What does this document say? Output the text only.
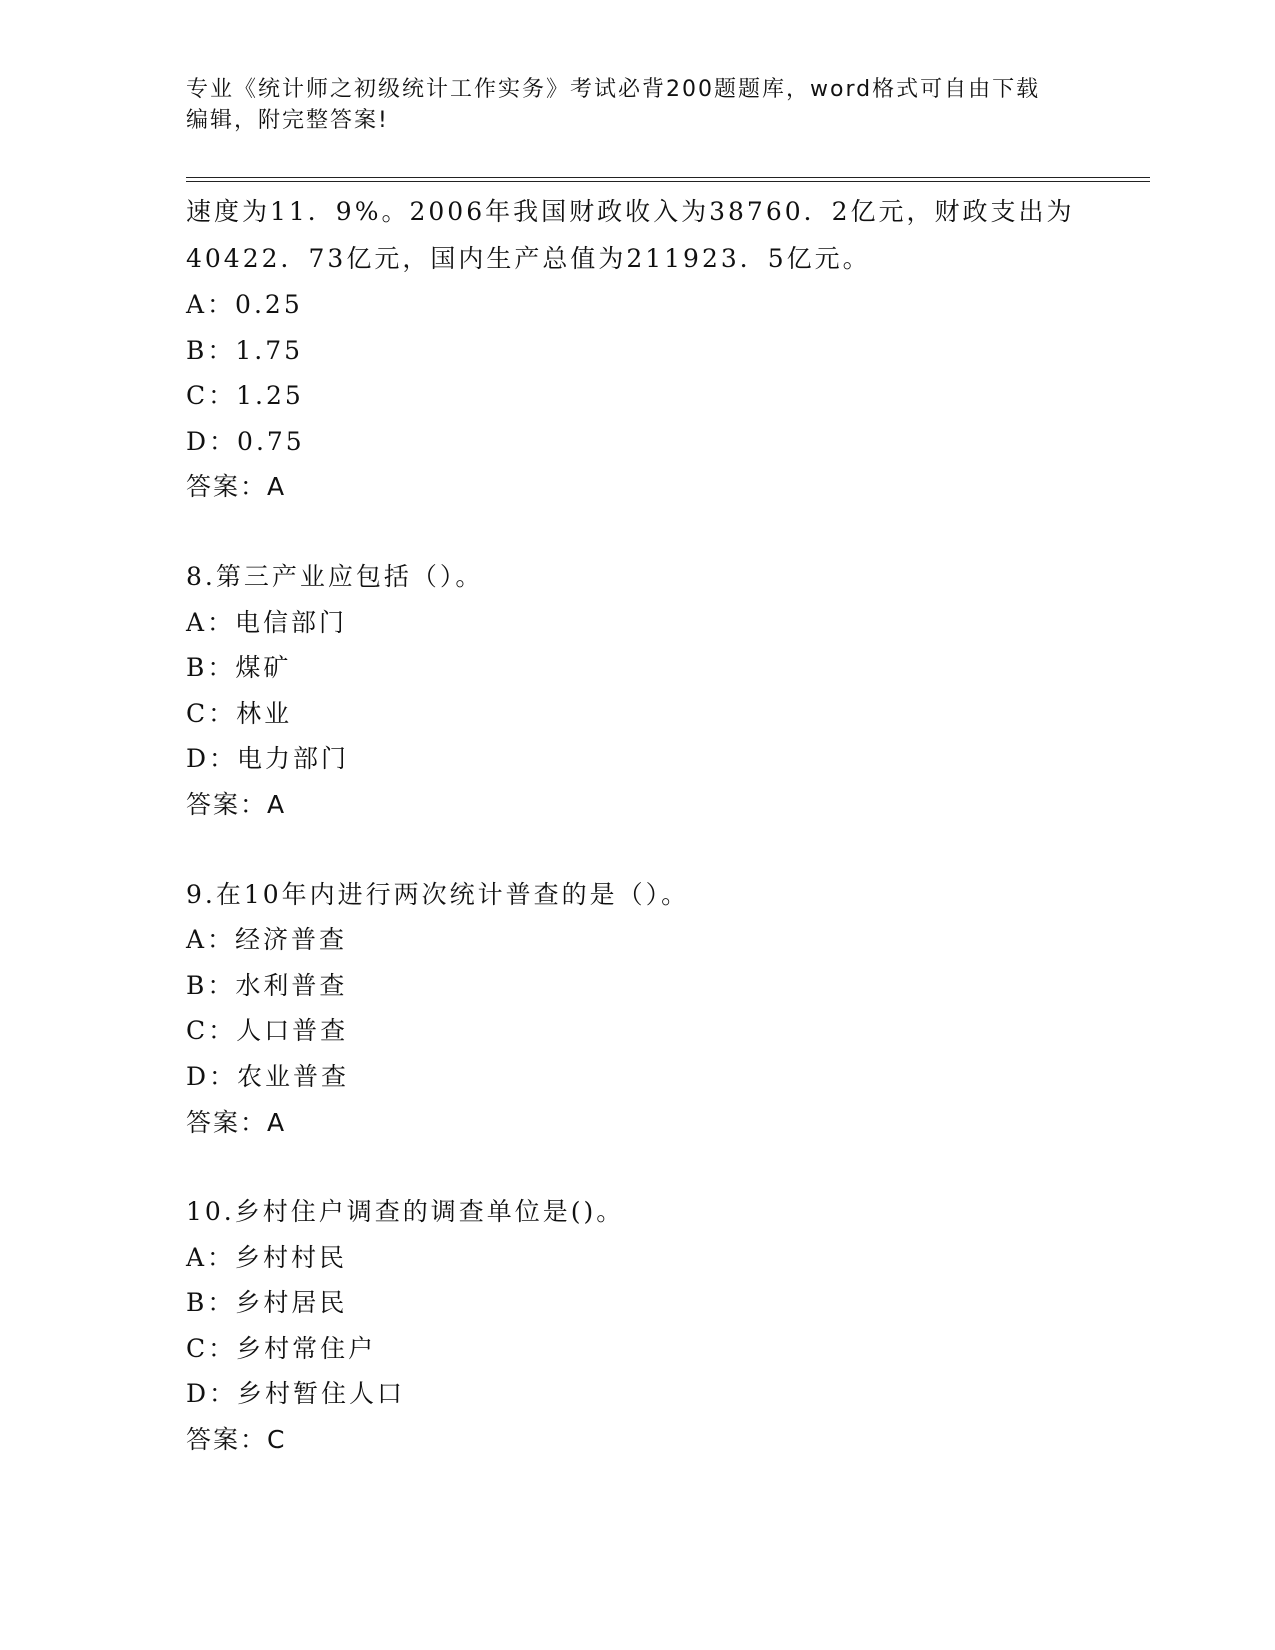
专业《统计师之初级统计工作实务》考试必背200题题库，word格式可自由下载
编辑，附完整答案!
速度为11．9%。2006年我国财政收入为38760．2亿元，财政支出为
40422．73亿元，国内生产总值为211923．5亿元。
A：0.25
B：1.75
C：1.25
D：0.75
答案：A
8.第三产业应包括（）。
A：电信部门
B：煤矿
C：林业
D：电力部门
答案：A
9.在10年内进行两次统计普查的是（）。
A：经济普查
B：水利普查
C：人口普查
D：农业普查
答案：A
10.乡村住户调查的调查单位是()。
A：乡村村民
B：乡村居民
C：乡村常住户
D：乡村暂住人口
答案：C
